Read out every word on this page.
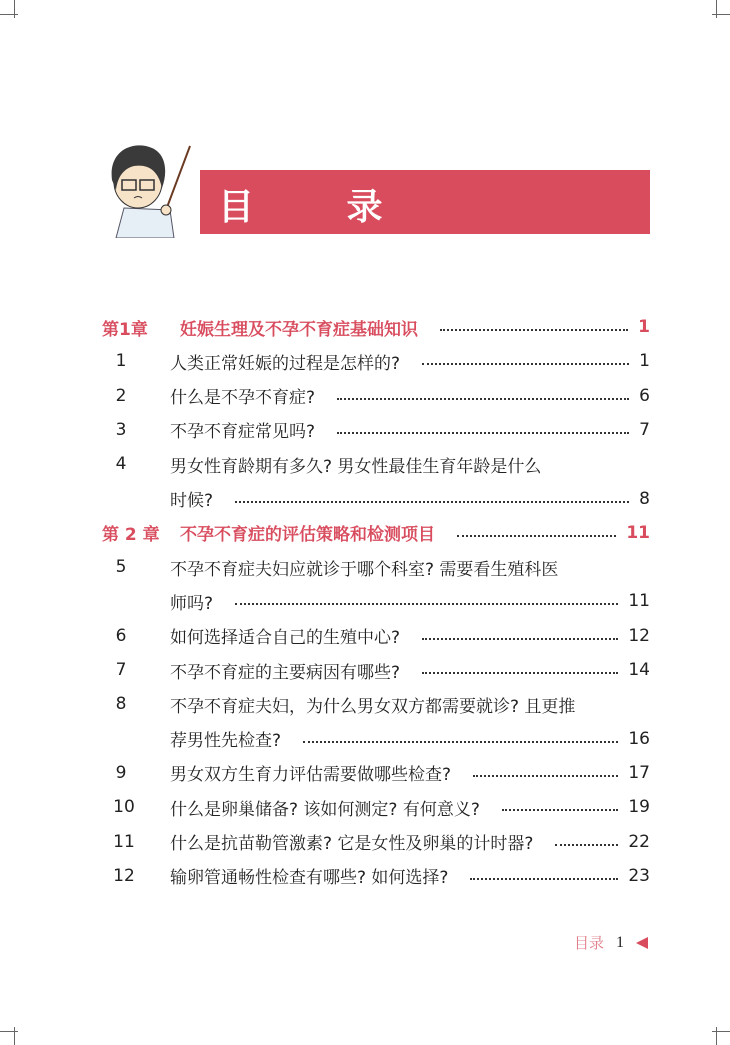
目 录
第1章	妊娠生理及不孕不育症基础知识	1
1	人类正常妊娠的过程是怎样的?	1
2	什么是不孕不育症?	6
3	不孕不育症常见吗?	7
4	男女性育龄期有多久? 男女性最佳生育年龄是什么
时候?	8
第 2 章	不孕不育症的评估策略和检测项目	11
5	不孕不育症夫妇应就诊于哪个科室? 需要看生殖科医
师吗?	11
6	如何选择适合自己的生殖中心?	12
7	不孕不育症的主要病因有哪些?	14
8	不孕不育症夫妇，为什么男女双方都需要就诊? 且更推
荐男性先检查?	16
9	男女双方生育力评估需要做哪些检查?	17
10	什么是卵巢储备? 该如何测定? 有何意义?	19
11	什么是抗苗勒管激素? 它是女性及卵巢的计时器?	22
12	输卵管通畅性检查有哪些? 如何选择?	23
目录 1
